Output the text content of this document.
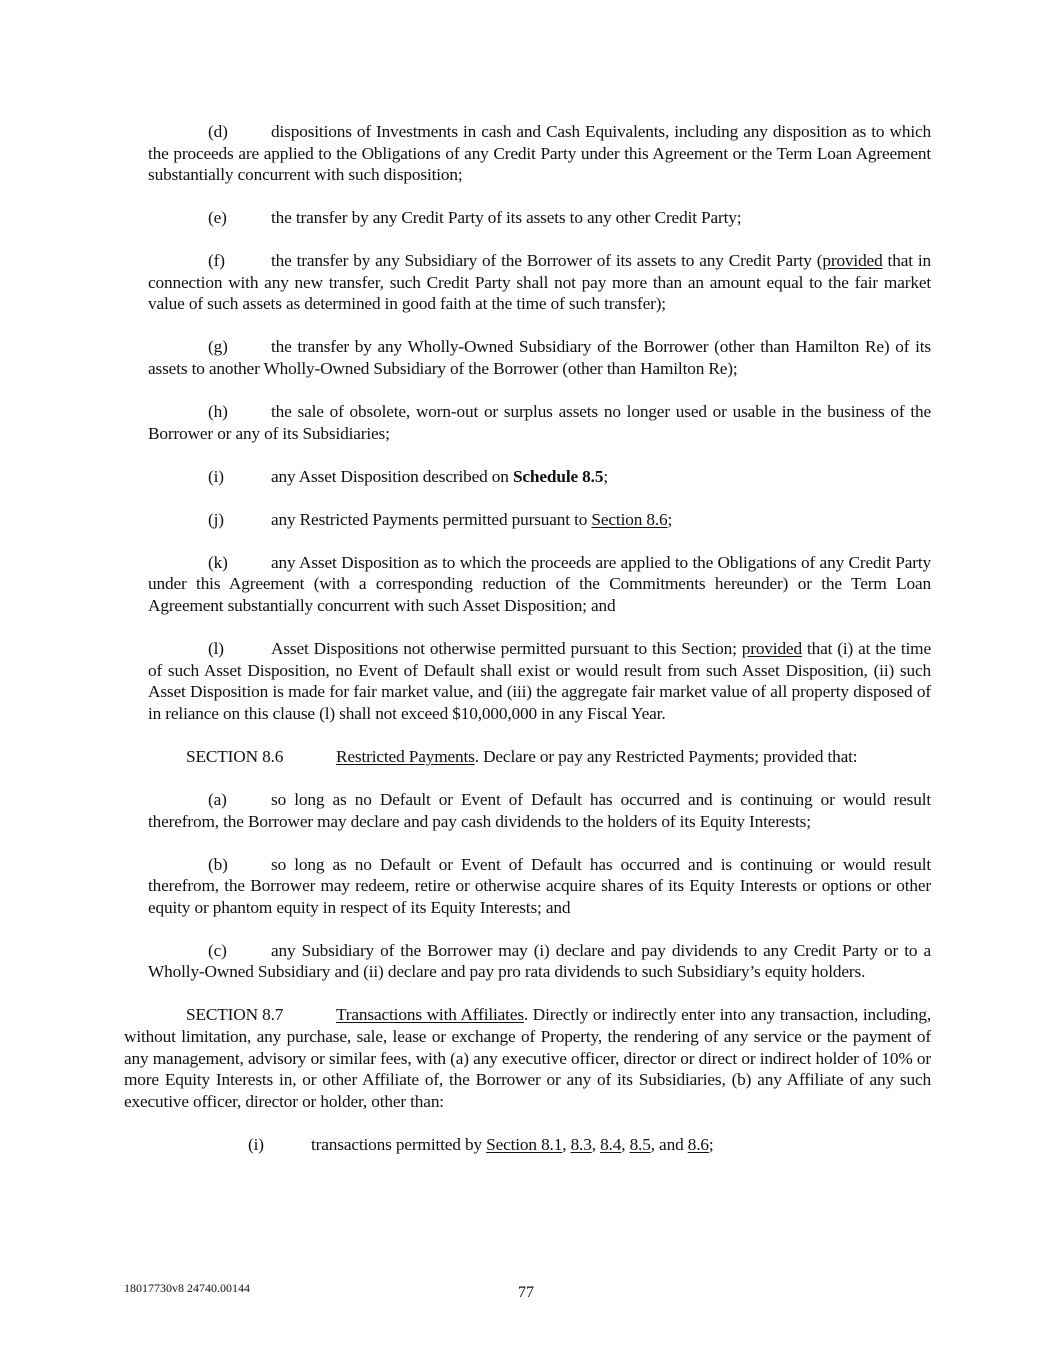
(d)	dispositions of Investments in cash and Cash Equivalents, including any disposition as to which the proceeds are applied to the Obligations of any Credit Party under this Agreement or the Term Loan Agreement substantially concurrent with such disposition;

(e)	the transfer by any Credit Party of its assets to any other Credit Party;

(f)	the transfer by any Subsidiary of the Borrower of its assets to any Credit Party (provided that in connection with any new transfer, such Credit Party shall not pay more than an amount equal to the fair market value of such assets as determined in good faith at the time of such transfer);

(g)	the transfer by any Wholly-Owned Subsidiary of the Borrower (other than Hamilton Re) of its assets to another Wholly-Owned Subsidiary of the Borrower (other than Hamilton Re);

(h)	the sale of obsolete, worn-out or surplus assets no longer used or usable in the business of the Borrower or any of its Subsidiaries;

(i)	any Asset Disposition described on Schedule 8.5;

(j)	any Restricted Payments permitted pursuant to Section 8.6;

(k)	any Asset Disposition as to which the proceeds are applied to the Obligations of any Credit Party under this Agreement (with a corresponding reduction of the Commitments hereunder) or the Term Loan Agreement substantially concurrent with such Asset Disposition; and

(l)	Asset Dispositions not otherwise permitted pursuant to this Section; provided that (i) at the time of such Asset Disposition, no Event of Default shall exist or would result from such Asset Disposition, (ii) such Asset Disposition is made for fair market value, and (iii) the aggregate fair market value of all property disposed of in reliance on this clause (l) shall not exceed $10,000,000 in any Fiscal Year.

SECTION 8.6	Restricted Payments. Declare or pay any Restricted Payments; provided that:

(a)	so long as no Default or Event of Default has occurred and is continuing or would result therefrom, the Borrower may declare and pay cash dividends to the holders of its Equity Interests;

(b)	so long as no Default or Event of Default has occurred and is continuing or would result therefrom, the Borrower may redeem, retire or otherwise acquire shares of its Equity Interests or options or other equity or phantom equity in respect of its Equity Interests; and

(c)	any Subsidiary of the Borrower may (i) declare and pay dividends to any Credit Party or to a Wholly-Owned Subsidiary and (ii) declare and pay pro rata dividends to such Subsidiary’s equity holders.

SECTION 8.7	Transactions with Affiliates. Directly or indirectly enter into any transaction, including, without limitation, any purchase, sale, lease or exchange of Property, the rendering of any service or the payment of any management, advisory or similar fees, with (a) any executive officer, director or direct or indirect holder of 10% or more Equity Interests in, or other Affiliate of, the Borrower or any of its Subsidiaries, (b) any Affiliate of any such executive officer, director or holder, other than:

(i)	transactions permitted by Section 8.1, 8.3, 8.4, 8.5, and 8.6;

18017730v8 24740.00144	77
